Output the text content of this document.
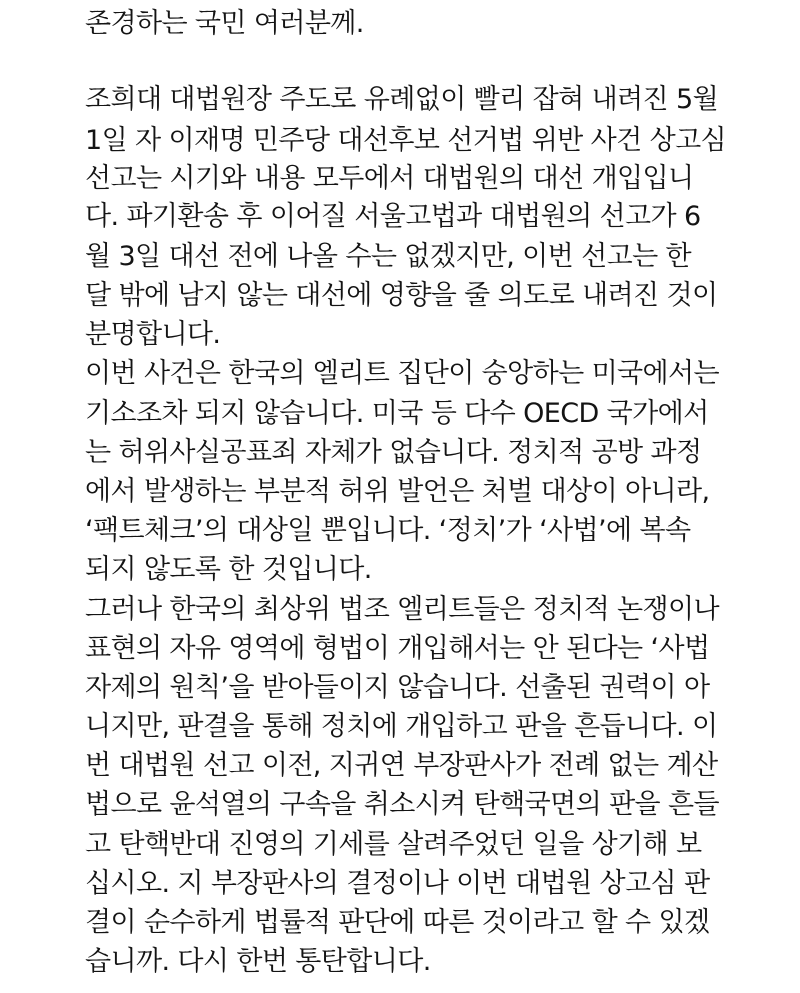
존경하는 국민 여러분께.
조희대 대법원장 주도로 유례없이 빨리 잡혀 내려진 5월
1일 자 이재명 민주당 대선후보 선거법 위반 사건 상고심
선고는 시기와 내용 모두에서 대법원의 대선 개입입니
다. 파기환송 후 이어질 서울고법과 대법원의 선고가 6
월 3일 대선 전에 나올 수는 없겠지만, 이번 선고는 한
달 밖에 남지 않는 대선에 영향을 줄 의도로 내려진 것이
분명합니다.
이번 사건은 한국의 엘리트 집단이 숭앙하는 미국에서는
기소조차 되지 않습니다. 미국 등 다수 OECD 국가에서
는 허위사실공표죄 자체가 없습니다. 정치적 공방 과정
에서 발생하는 부분적 허위 발언은 처벌 대상이 아니라,
‘팩트체크’의 대상일 뿐입니다. ‘정치’가 ‘사법’에 복속
되지 않도록 한 것입니다.
그러나 한국의 최상위 법조 엘리트들은 정치적 논쟁이나
표현의 자유 영역에 형법이 개입해서는 안 된다는 ‘사법
자제의 원칙’을 받아들이지 않습니다. 선출된 권력이 아
니지만, 판결을 통해 정치에 개입하고 판을 흔듭니다. 이
번 대법원 선고 이전, 지귀연 부장판사가 전례 없는 계산
법으로 윤석열의 구속을 취소시켜 탄핵국면의 판을 흔들
고 탄핵반대 진영의 기세를 살려주었던 일을 상기해 보
십시오. 지 부장판사의 결정이나 이번 대법원 상고심 판
결이 순수하게 법률적 판단에 따른 것이라고 할 수 있겠
습니까. 다시 한번 통탄합니다.
